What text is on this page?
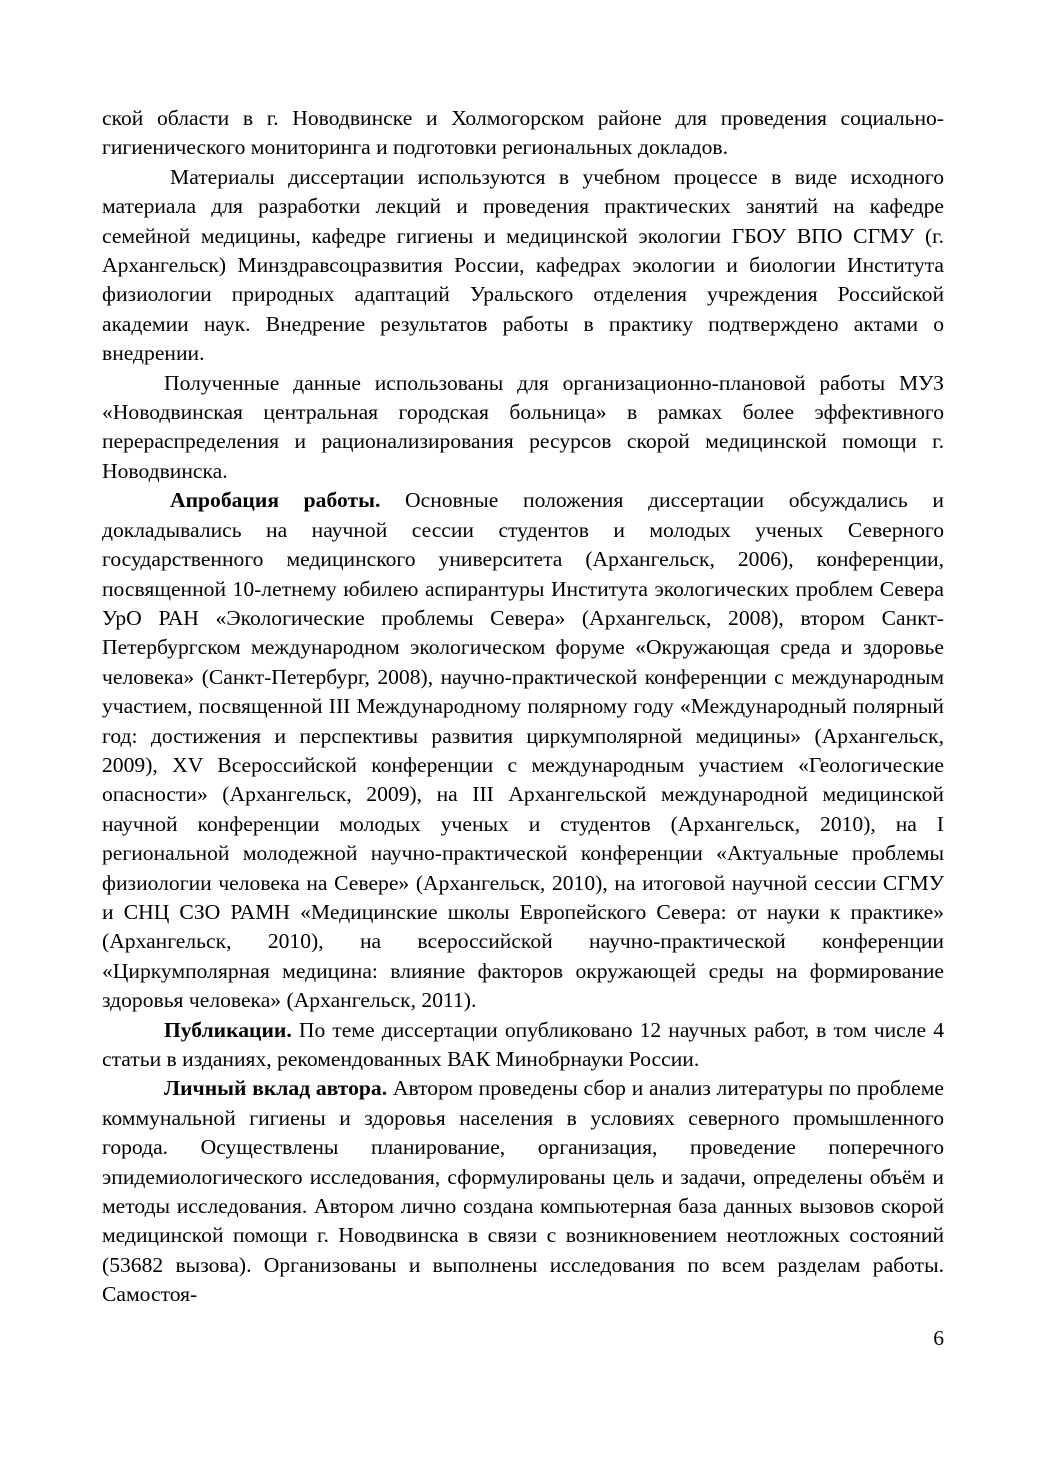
ской области в г. Новодвинске и Холмогорском районе для проведения социально-гигиенического мониторинга и подготовки региональных докладов.

Материалы диссертации используются в учебном процессе в виде исходного материала для разработки лекций и проведения практических занятий на кафедре семейной медицины, кафедре гигиены и медицинской экологии ГБОУ ВПО СГМУ (г. Архангельск) Минздравсоцразвития России, кафедрах экологии и биологии Института физиологии природных адаптаций Уральского отделения учреждения Российской академии наук. Внедрение результатов работы в практику подтверждено актами о внедрении.

Полученные данные использованы для организационно-плановой работы МУЗ «Новодвинская центральная городская больница» в рамках более эффективного перераспределения и рационализирования ресурсов скорой медицинской помощи г. Новодвинска.

Апробация работы. Основные положения диссертации обсуждались и докладывались на научной сессии студентов и молодых ученых Северного государственного медицинского университета (Архангельск, 2006), конференции, посвященной 10-летнему юбилею аспирантуры Института экологических проблем Севера УрО РАН «Экологические проблемы Севера» (Архангельск, 2008), втором Санкт-Петербургском международном экологическом форуме «Окружающая среда и здоровье человека» (Санкт-Петербург, 2008), научно-практической конференции с международным участием, посвященной III Международному полярному году «Международный полярный год: достижения и перспективы развития циркумполярной медицины» (Архангельск, 2009), XV Всероссийской конференции с международным участием «Геологические опасности» (Архангельск, 2009), на III Архангельской международной медицинской научной конференции молодых ученых и студентов (Архангельск, 2010), на I региональной молодежной научно-практической конференции «Актуальные проблемы физиологии человека на Севере» (Архангельск, 2010), на итоговой научной сессии СГМУ и СНЦ СЗО РАМН «Медицинские школы Европейского Севера: от науки к практике» (Архангельск, 2010), на всероссийской научно-практической конференции «Циркумполярная медицина: влияние факторов окружающей среды на формирование здоровья человека» (Архангельск, 2011).

Публикации. По теме диссертации опубликовано 12 научных работ, в том числе 4 статьи в изданиях, рекомендованных ВАК Минобрнауки России.

Личный вклад автора. Автором проведены сбор и анализ литературы по проблеме коммунальной гигиены и здоровья населения в условиях северного промышленного города. Осуществлены планирование, организация, проведение поперечного эпидемиологического исследования, сформулированы цель и задачи, определены объём и методы исследования. Автором лично создана компьютерная база данных вызовов скорой медицинской помощи г. Новодвинска в связи с возникновением неотложных состояний (53682 вызова). Организованы и выполнены исследования по всем разделам работы. Самостоя-

6
